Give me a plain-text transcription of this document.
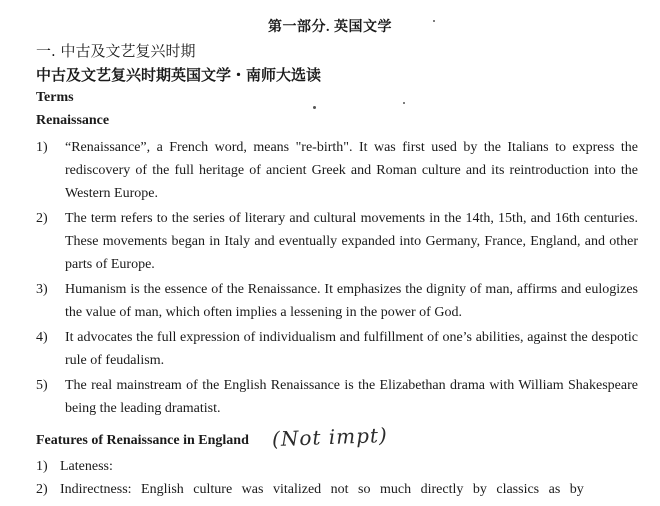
第一部分. 英国文学
一. 中古及文艺复兴时期
中古及文艺复兴时期英国文学・南师大选读
Terms
Renaissance
1) “Renaissance”, a French word, means "re-birth". It was first used by the Italians to express the rediscovery of the full heritage of ancient Greek and Roman culture and its reintroduction into the Western Europe.
2) The term refers to the series of literary and cultural movements in the 14th, 15th, and 16th centuries. These movements began in Italy and eventually expanded into Germany, France, England, and other parts of Europe.
3) Humanism is the essence of the Renaissance. It emphasizes the dignity of man, affirms and eulogizes the value of man, which often implies a lessening in the power of God.
4) It advocates the full expression of individualism and fulfillment of one’s abilities, against the despotic rule of feudalism.
5) The real mainstream of the English Renaissance is the Elizabethan drama with William Shakespeare being the leading dramatist.
Features of Renaissance in England (Not impt)
1) Lateness:
2) Indirectness: English culture was vitalized not so much directly by classics as by
